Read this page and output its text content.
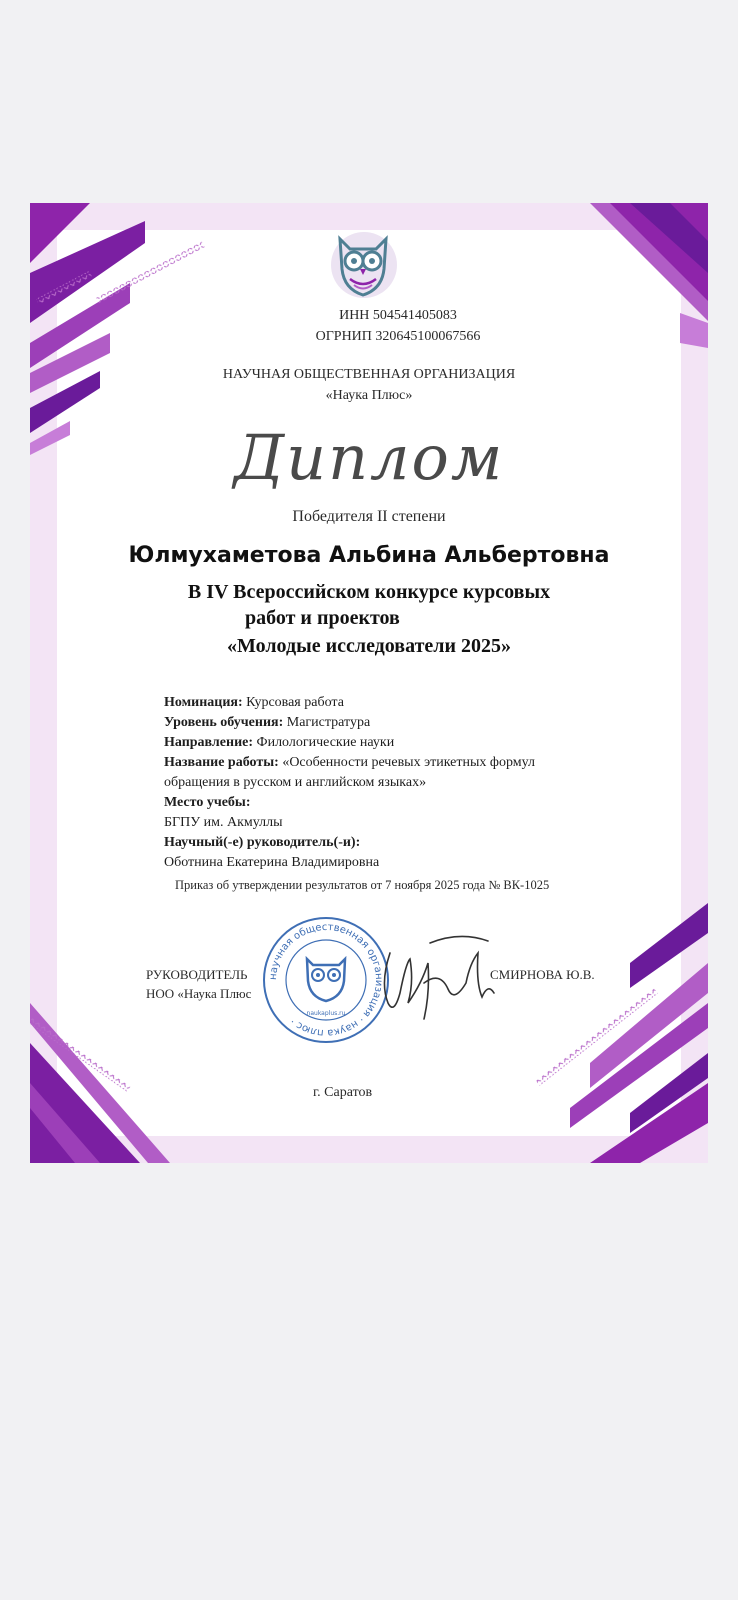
ИНН 504541405083
ОГРНИП 320645100067566
НАУЧНАЯ ОБЩЕСТВЕННАЯ ОРГАНИЗАЦИЯ
«Наука Плюс»
Диплом
Победителя II степени
Юлмухаметова Альбина Альбертовна
В IV Всероссийском конкурсе курсовых
работ и проектов
«Молодые исследователи 2025»
Номинация: Курсовая работа
Уровень обучения: Магистратура
Направление: Филологические науки
Название работы: «Особенности речевых этикетных формул
обращения в русском и английском языках»
Место учебы:
БГПУ им. Акмуллы
Научный(-е) руководитель(-и):
Оботнина Екатерина Владимировна
Приказ об утверждении результатов от 7 ноября 2025 года № ВК-1025
РУКОВОДИТЕЛЬ
НОО «Наука Плюс
СМИРНОВА Ю.В.
научная общественная организация · наука плюс ·
naukaplus.ru
г. Саратов
